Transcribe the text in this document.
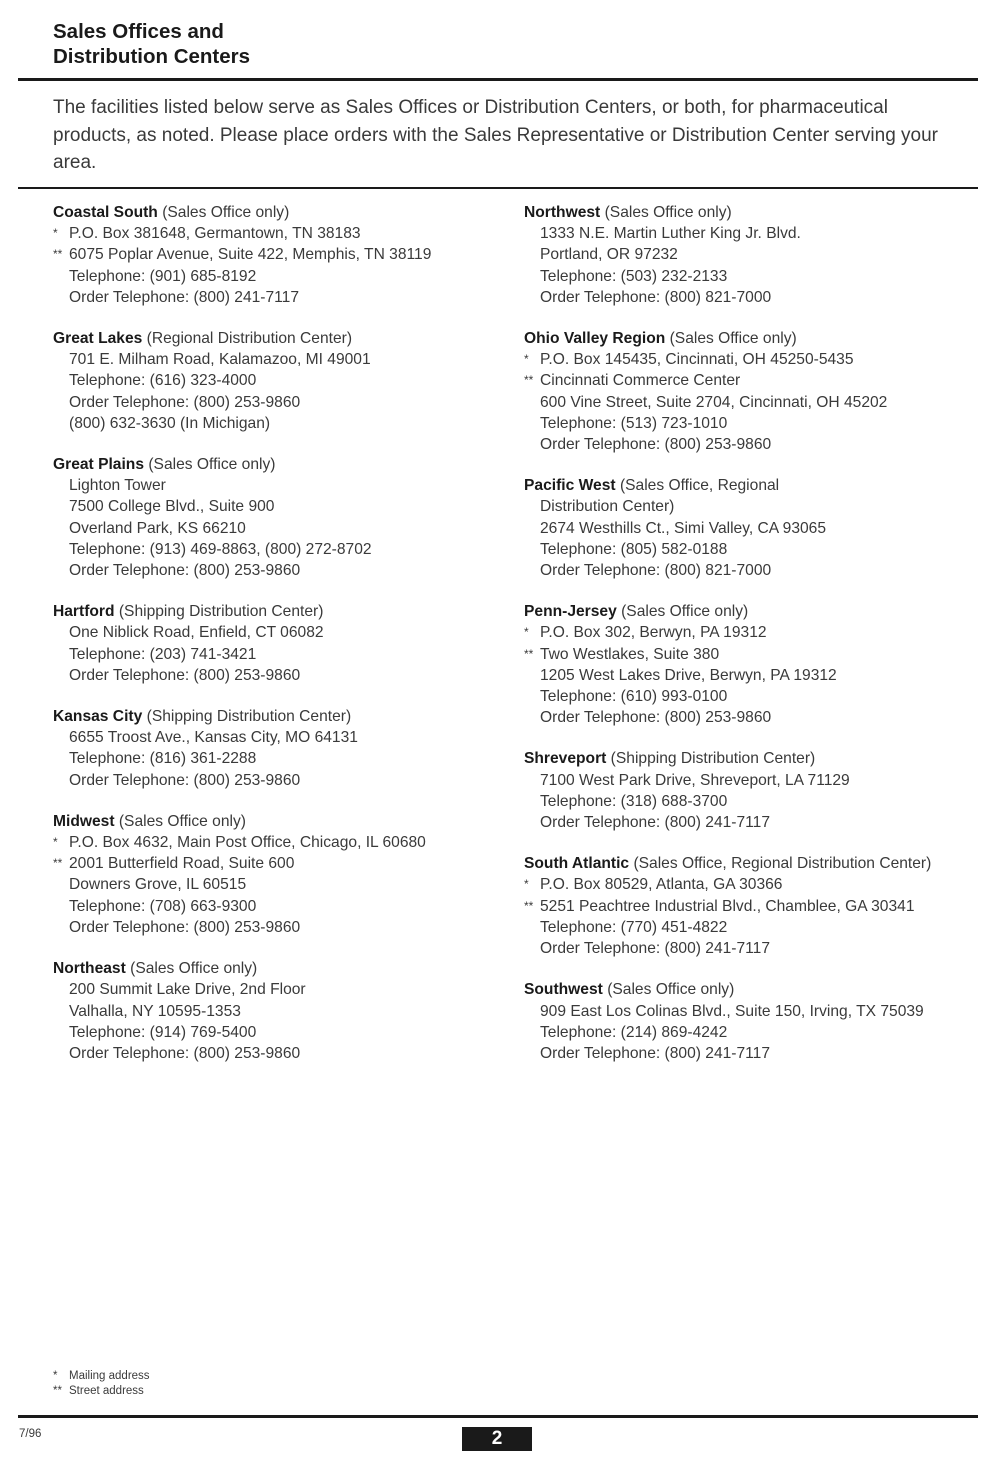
Sales Offices and
Distribution Centers

The facilities listed below serve as Sales Offices or Distribution Centers, or both, for pharmaceutical products, as noted. Please place orders with the Sales Representative or Distribution Center serving your area.

Coastal South (Sales Office only)
* P.O. Box 381648, Germantown, TN 38183
** 6075 Poplar Avenue, Suite 422, Memphis, TN 38119
Telephone: (901) 685-8192
Order Telephone: (800) 241-7117
Great Lakes (Regional Distribution Center)
701 E. Milham Road, Kalamazoo, MI 49001
Telephone: (616) 323-4000
Order Telephone: (800) 253-9860
(800) 632-3630 (In Michigan)
Great Plains (Sales Office only)
Lighton Tower
7500 College Blvd., Suite 900
Overland Park, KS 66210
Telephone: (913) 469-8863, (800) 272-8702
Order Telephone: (800) 253-9860
Hartford (Shipping Distribution Center)
One Niblick Road, Enfield, CT 06082
Telephone: (203) 741-3421
Order Telephone: (800) 253-9860
Kansas City (Shipping Distribution Center)
6655 Troost Ave., Kansas City, MO 64131
Telephone: (816) 361-2288
Order Telephone: (800) 253-9860
Midwest (Sales Office only)
* P.O. Box 4632, Main Post Office, Chicago, IL 60680
** 2001 Butterfield Road, Suite 600
Downers Grove, IL 60515
Telephone: (708) 663-9300
Order Telephone: (800) 253-9860
Northeast (Sales Office only)
200 Summit Lake Drive, 2nd Floor
Valhalla, NY 10595-1353
Telephone: (914) 769-5400
Order Telephone: (800) 253-9860
Northwest (Sales Office only)
1333 N.E. Martin Luther King Jr. Blvd.
Portland, OR 97232
Telephone: (503) 232-2133
Order Telephone: (800) 821-7000
Ohio Valley Region (Sales Office only)
* P.O. Box 145435, Cincinnati, OH 45250-5435
** Cincinnati Commerce Center
600 Vine Street, Suite 2704, Cincinnati, OH 45202
Telephone: (513) 723-1010
Order Telephone: (800) 253-9860
Pacific West (Sales Office, Regional
Distribution Center)
2674 Westhills Ct., Simi Valley, CA 93065
Telephone: (805) 582-0188
Order Telephone: (800) 821-7000
Penn-Jersey (Sales Office only)
* P.O. Box 302, Berwyn, PA 19312
** Two Westlakes, Suite 380
1205 West Lakes Drive, Berwyn, PA 19312
Telephone: (610) 993-0100
Order Telephone: (800) 253-9860
Shreveport (Shipping Distribution Center)
7100 West Park Drive, Shreveport, LA 71129
Telephone: (318) 688-3700
Order Telephone: (800) 241-7117
South Atlantic (Sales Office, Regional Distribution Center)
* P.O. Box 80529, Atlanta, GA 30366
** 5251 Peachtree Industrial Blvd., Chamblee, GA 30341
Telephone: (770) 451-4822
Order Telephone: (800) 241-7117
Southwest (Sales Office only)
909 East Los Colinas Blvd., Suite 150, Irving, TX 75039
Telephone: (214) 869-4242
Order Telephone: (800) 241-7117
* Mailing address
** Street address
7/96	2
